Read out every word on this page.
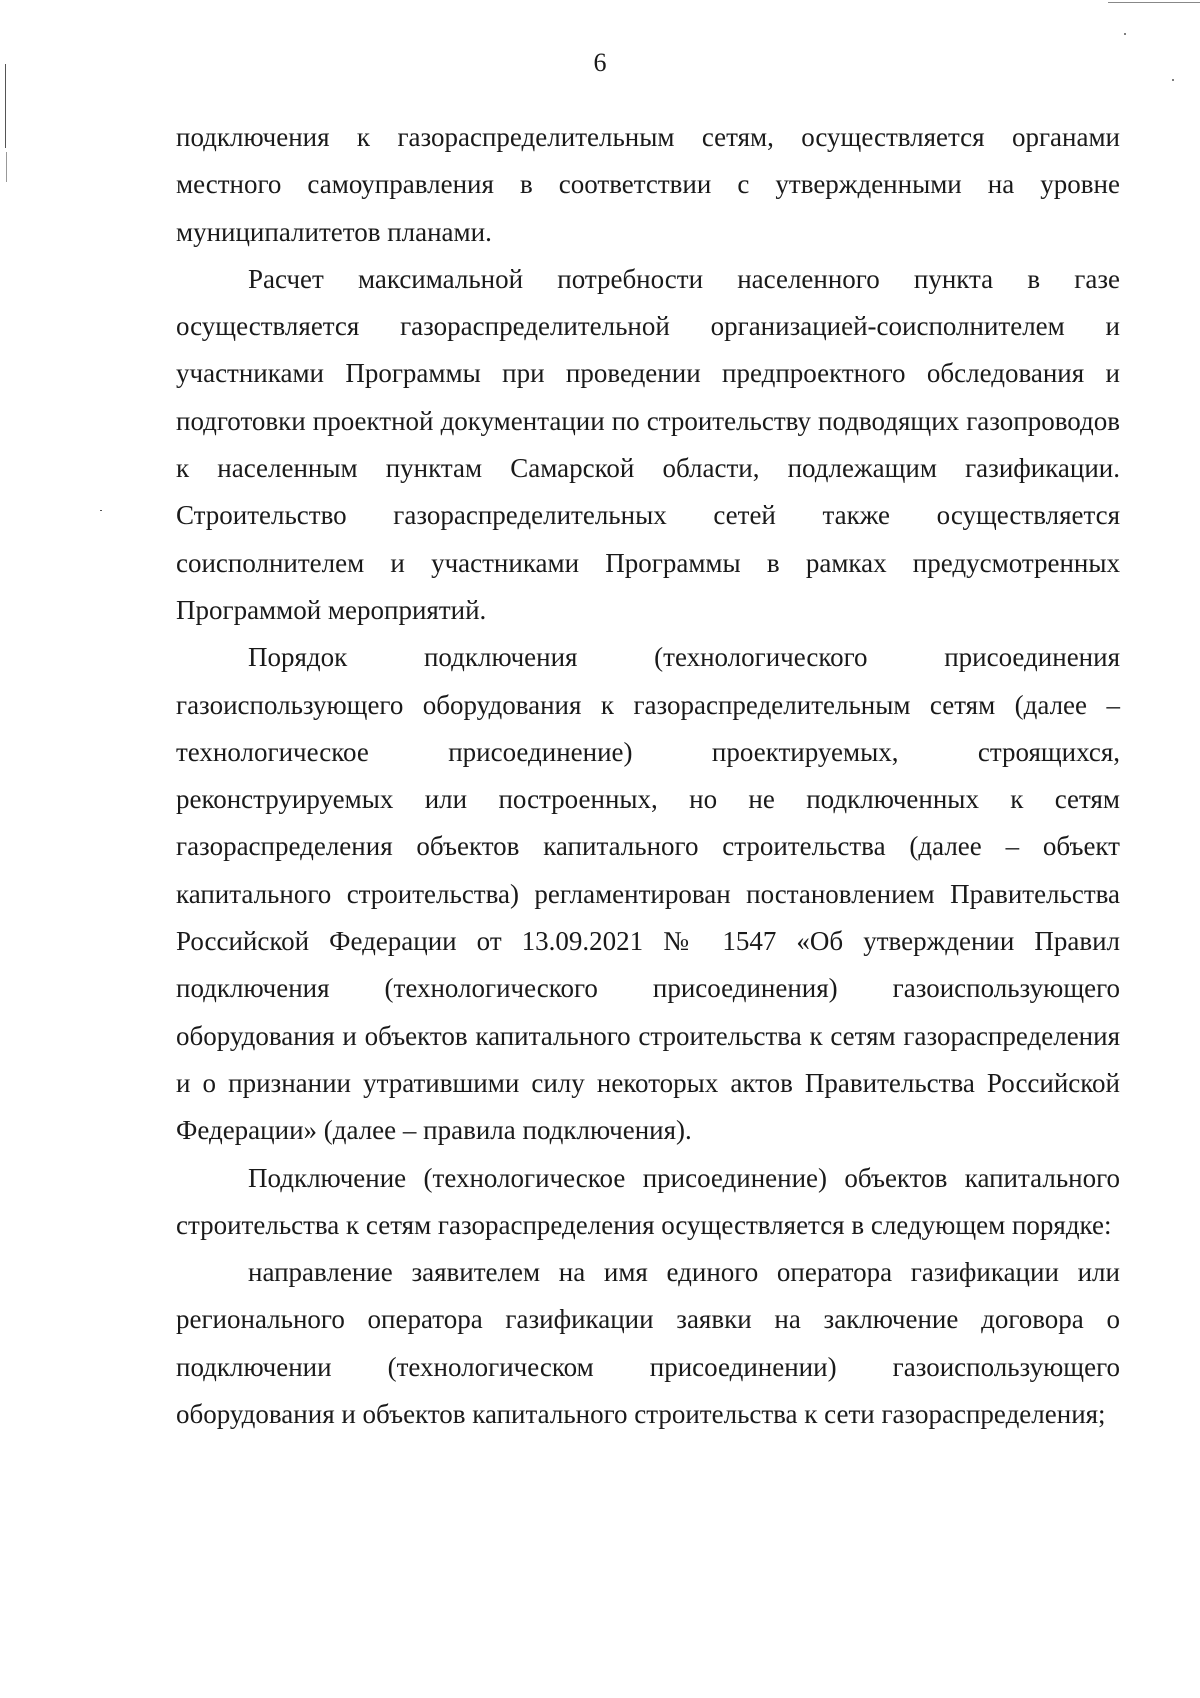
6

подключения к газораспределительным сетям, осуществляется органами местного самоуправления в соответствии с утвержденными на уровне муниципалитетов планами.

Расчет максимальной потребности населенного пункта в газе осуществляется газораспределительной организацией-соисполнителем и участниками Программы при проведении предпроектного обследования и подготовки проектной документации по строительству подводящих газопроводов к населенным пунктам Самарской области, подлежащим газификации. Строительство газораспределительных сетей также осуществляется соисполнителем и участниками Программы в рамках предусмотренных Программой мероприятий.

Порядок подключения (технологического присоединения газоиспользующего оборудования к газораспределительным сетям (далее – технологическое присоединение) проектируемых, строящихся, реконструируемых или построенных, но не подключенных к сетям газораспределения объектов капитального строительства (далее – объект капитального строительства) регламентирован постановлением Правительства Российской Федерации от 13.09.2021 № 1547 «Об утверждении Правил подключения (технологического присоединения) газоиспользующего оборудования и объектов капитального строительства к сетям газораспределения и о признании утратившими силу некоторых актов Правительства Российской Федерации» (далее – правила подключения).

Подключение (технологическое присоединение) объектов капитального строительства к сетям газораспределения осуществляется в следующем порядке:

направление заявителем на имя единого оператора газификации или регионального оператора газификации заявки на заключение договора о подключении (технологическом присоединении) газоиспользующего оборудования и объектов капитального строительства к сети газораспределения;
